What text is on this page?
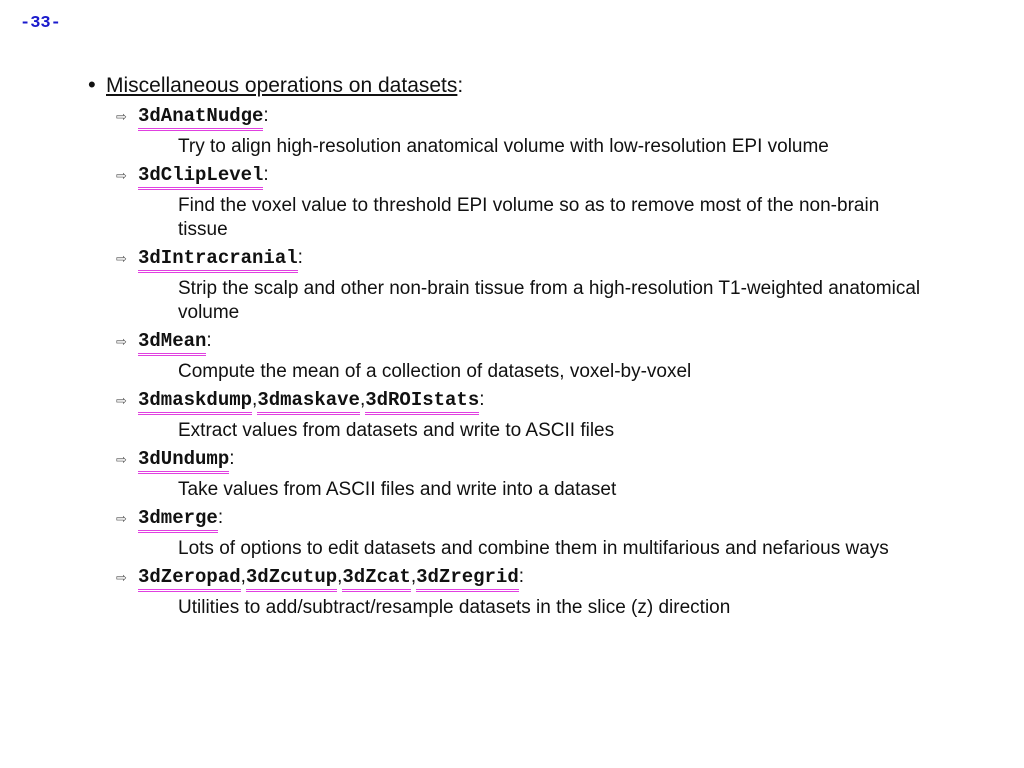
-33-
• Miscellaneous operations on datasets :
⇨ 3dAnatNudge :
Try to align high-resolution anatomical volume with low-resolution EPI volume
⇨ 3dClipLevel :
Find the voxel value to threshold EPI volume so as to remove most of the non-brain tissue
⇨ 3dIntracranial :
Strip the scalp and other non-brain tissue from a high-resolution T1-weighted anatomical volume
⇨ 3dMean :
Compute the mean of a collection of datasets, voxel-by-voxel
⇨ 3dmaskdump , 3dmaskave , 3dROIstats :
Extract values from datasets and write to ASCII files
⇨ 3dUndump :
Take values from ASCII files and write into a dataset
⇨ 3dmerge :
Lots of options to edit datasets and combine them in multifarious and nefarious ways
⇨ 3dZeropad , 3dZcutup , 3dZcat , 3dZregrid :
Utilities to add/subtract/resample datasets in the slice (z) direction
